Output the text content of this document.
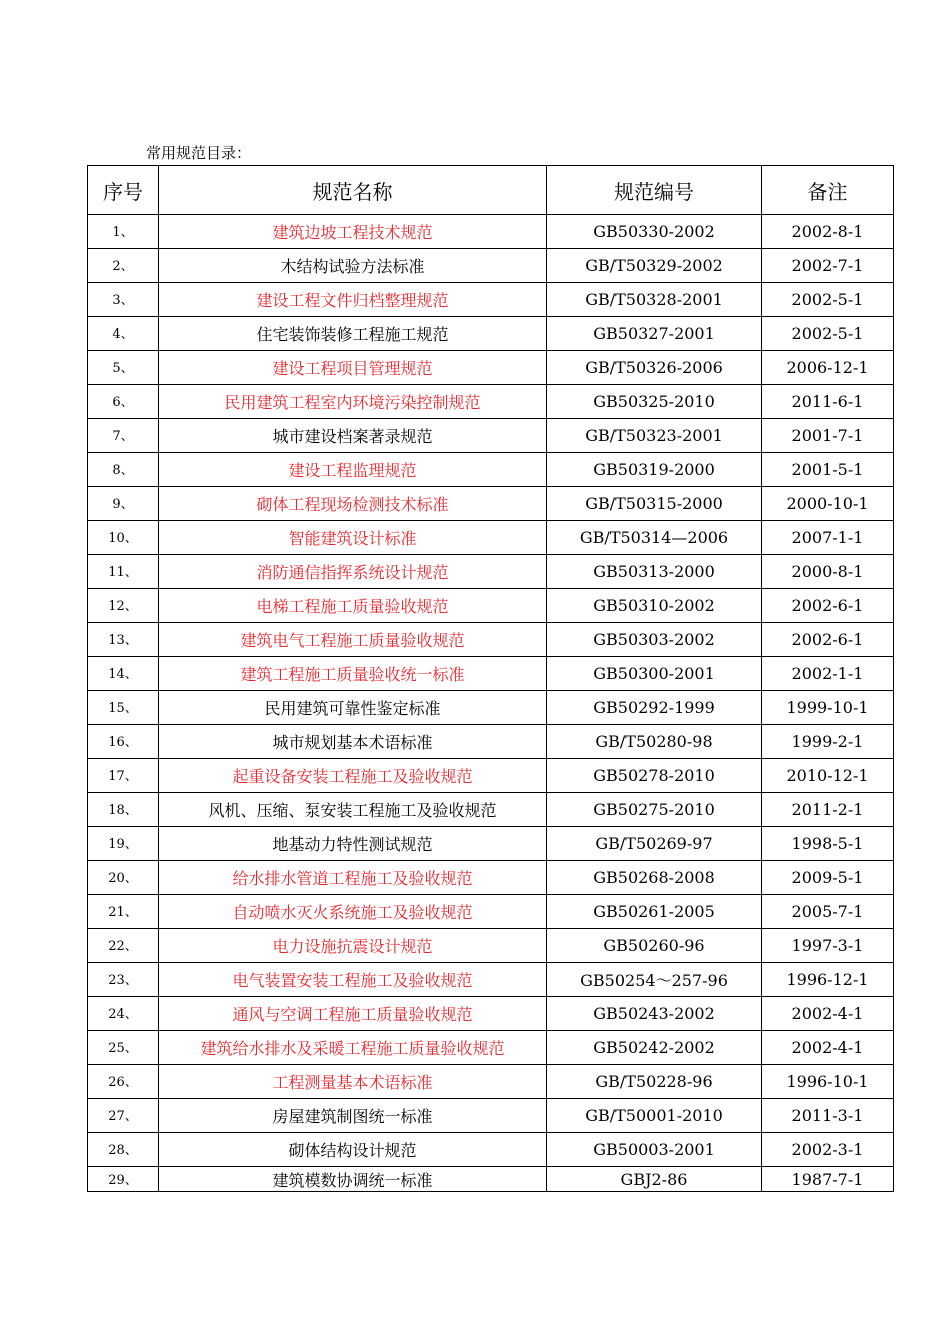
常用规范目录：
序号	规范名称	规范编号	备注
1、	建筑边坡工程技术规范	GB50330-2002	2002-8-1
2、	木结构试验方法标准	GB/T50329-2002	2002-7-1
3、	建设工程文件归档整理规范	GB/T50328-2001	2002-5-1
4、	住宅装饰装修工程施工规范	GB50327-2001	2002-5-1
5、	建设工程项目管理规范	GB/T50326-2006	2006-12-1
6、	民用建筑工程室内环境污染控制规范	GB50325-2010	2011-6-1
7、	城市建设档案著录规范	GB/T50323-2001	2001-7-1
8、	建设工程监理规范	GB50319-2000	2001-5-1
9、	砌体工程现场检测技术标准	GB/T50315-2000	2000-10-1
10、	智能建筑设计标准	GB/T50314—2006	2007-1-1
11、	消防通信指挥系统设计规范	GB50313-2000	2000-8-1
12、	电梯工程施工质量验收规范	GB50310-2002	2002-6-1
13、	建筑电气工程施工质量验收规范	GB50303-2002	2002-6-1
14、	建筑工程施工质量验收统一标准	GB50300-2001	2002-1-1
15、	民用建筑可靠性鉴定标准	GB50292-1999	1999-10-1
16、	城市规划基本术语标准	GB/T50280-98	1999-2-1
17、	起重设备安装工程施工及验收规范	GB50278-2010	2010-12-1
18、	风机、压缩、泵安装工程施工及验收规范	GB50275-2010	2011-2-1
19、	地基动力特性测试规范	GB/T50269-97	1998-5-1
20、	给水排水管道工程施工及验收规范	GB50268-2008	2009-5-1
21、	自动喷水灭火系统施工及验收规范	GB50261-2005	2005-7-1
22、	电力设施抗震设计规范	GB50260-96	1997-3-1
23、	电气装置安装工程施工及验收规范	GB50254～257-96	1996-12-1
24、	通风与空调工程施工质量验收规范	GB50243-2002	2002-4-1
25、	建筑给水排水及采暖工程施工质量验收规范	GB50242-2002	2002-4-1
26、	工程测量基本术语标准	GB/T50228-96	1996-10-1
27、	房屋建筑制图统一标准	GB/T50001-2010	2011-3-1
28、	砌体结构设计规范	GB50003-2001	2002-3-1
29、	建筑模数协调统一标准	GBJ2-86	1987-7-1
